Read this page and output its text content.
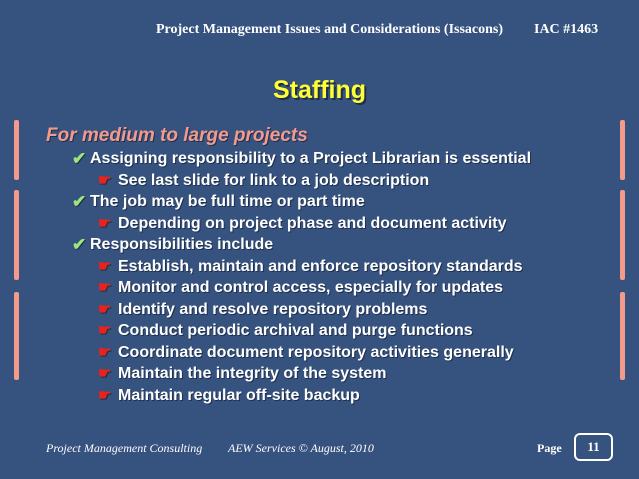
Project Management Issues and Considerations (Issacons) IAC #1463
Staffing
For medium to large projects
✔ Assigning responsibility to a Project Librarian is essential
☛ See last slide for link to a job description
✔ The job may be full time or part time
☛ Depending on project phase and document activity
✔ Responsibilities include
☛ Establish, maintain and enforce repository standards
☛ Monitor and control access, especially for updates
☛ Identify and resolve repository problems
☛ Conduct periodic archival and purge functions
☛ Coordinate document repository activities generally
☛ Maintain the integrity of the system
☛ Maintain regular off-site backup
Project Management Consulting AEW Services © August, 2010	Page	11
